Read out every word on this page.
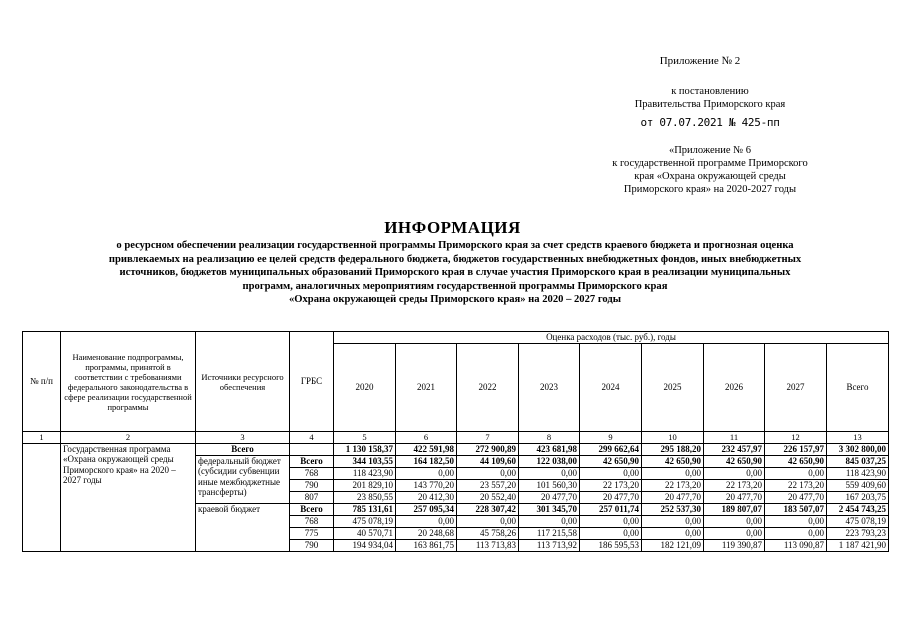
Приложение № 2
к постановлению
Правительства Приморского края
от 07.07.2021 № 425-пп
«Приложение № 6
к государственной программе Приморского
края «Охрана окружающей среды
Приморского края» на 2020-2027 годы
ИНФОРМАЦИЯ
о ресурсном обеспечении реализации государственной программы Приморского края за счет средств краевого бюджета и прогнозная оценка
привлекаемых на реализацию ее целей средств федерального бюджета, бюджетов государственных внебюджетных фондов, иных внебюджетных
источников, бюджетов муниципальных образований Приморского края в случае участия Приморского края в реализации муниципальных
программ, аналогичных мероприятиям государственной программы Приморского края
«Охрана окружающей среды Приморского края» на 2020 – 2027 годы
№ п/п	Наименование подпрограммы, программы, принятой в соответствии с требованиями федерального законодательства в сфере реализации государственной программы	Источники ресурсного обеспечения	ГРБС	Оценка расходов (тыс. руб.), годы								
				2020	2021	2022	2023	2024	2025	2026	2027	Всего
1	2	3	4	5	6	7	8	9	10	11	12	13
	Государственная программа «Охрана окружающей среды Приморского края» на 2020 – 2027 годы	Всего		1 130 158,37	422 591,98	272 900,89	423 681,98	299 662,64	295 188,20	232 457,97	226 157,97	3 302 800,00
		федеральный бюджет (субсидии субвенции иные межбюджетные трансферты)	Всего	344 103,55	164 182,50	44 109,60	122 038,00	42 650,90	42 650,90	42 650,90	42 650,90	845 037,25
			768	118 423,90	0,00	0,00	0,00	0,00	0,00	0,00	0,00	118 423,90
			790	201 829,10	143 770,20	23 557,20	101 560,30	22 173,20	22 173,20	22 173,20	22 173,20	559 409,60
			807	23 850,55	20 412,30	20 552,40	20 477,70	20 477,70	20 477,70	20 477,70	20 477,70	167 203,75
		краевой бюджет	Всего	785 131,61	257 095,34	228 307,42	301 345,70	257 011,74	252 537,30	189 807,07	183 507,07	2 454 743,25
			768	475 078,19	0,00	0,00	0,00	0,00	0,00	0,00	0,00	475 078,19
			775	40 570,71	20 248,68	45 758,26	117 215,58	0,00	0,00	0,00	0,00	223 793,23
			790	194 934,04	163 861,75	113 713,83	113 713,92	186 595,53	182 121,09	119 390,87	113 090,87	1 187 421,90
